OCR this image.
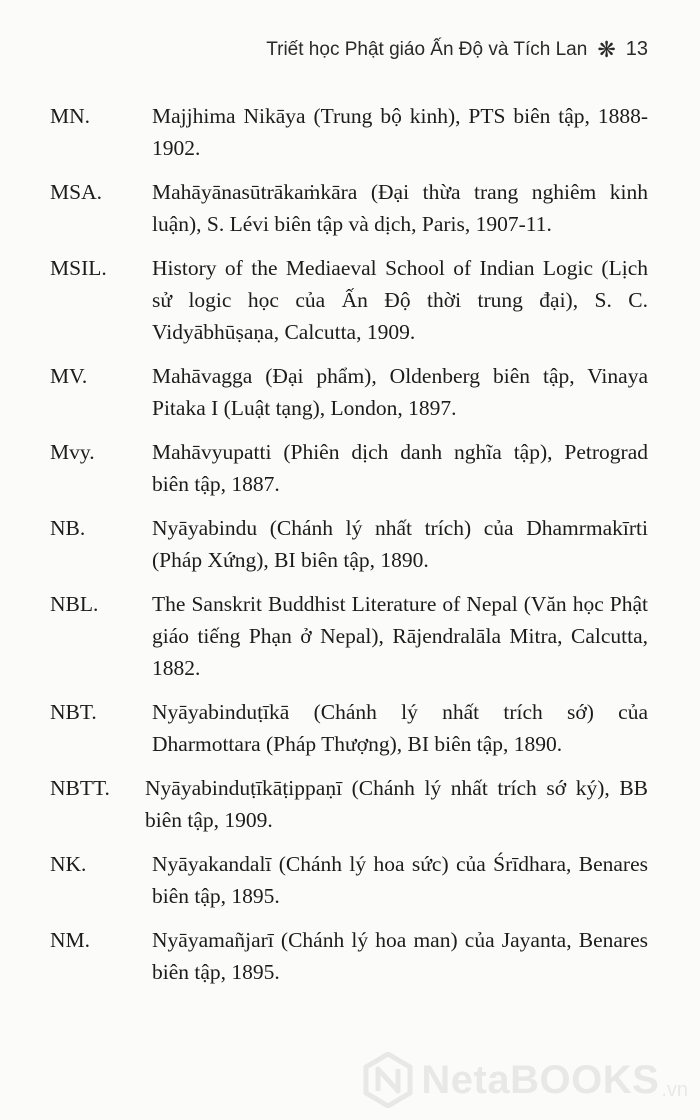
Triết học Phật giáo Ấn Độ và Tích Lan ❋ 13
MN.	Majjhima Nikāya (Trung bộ kinh), PTS biên tập, 1888-1902.
MSA. Mahāyānasūtrākaṁkāra (Đại thừa trang nghiêm kinh luận), S. Lévi biên tập và dịch, Paris, 1907-11.
MSIL. History of the Mediaeval School of Indian Logic (Lịch sử logic học của Ấn Độ thời trung đại), S. C. Vidyābhūṣaṇa, Calcutta, 1909.
MV.	Mahāvagga (Đại phẩm), Oldenberg biên tập, Vinaya Pitaka I (Luật tạng), London, 1897.
Mvy.	Mahāvyupatti (Phiên dịch danh nghĩa tập), Petrograd biên tập, 1887.
NB.	Nyāyabindu (Chánh lý nhất trích) của Dhamrmakīrti (Pháp Xứng), BI biên tập, 1890.
NBL. The Sanskrit Buddhist Literature of Nepal (Văn học Phật giáo tiếng Phạn ở Nepal), Rājendralāla Mitra, Calcutta, 1882.
NBT.	Nyāyabinduṭīkā (Chánh lý nhất trích sớ) của Dharmottara (Pháp Thượng), BI biên tập, 1890.
NBTT. Nyāyabinduṭīkāṭippaṇī (Chánh lý nhất trích sớ ký), BB biên tập, 1909.
NK.	Nyāyakandalī (Chánh lý hoa sức) của Śrīdhara, Benares biên tập, 1895.
NM.	Nyāyamañjarī (Chánh lý hoa man) của Jayanta, Benares biên tập, 1895.
NetaBOOKS .vn
